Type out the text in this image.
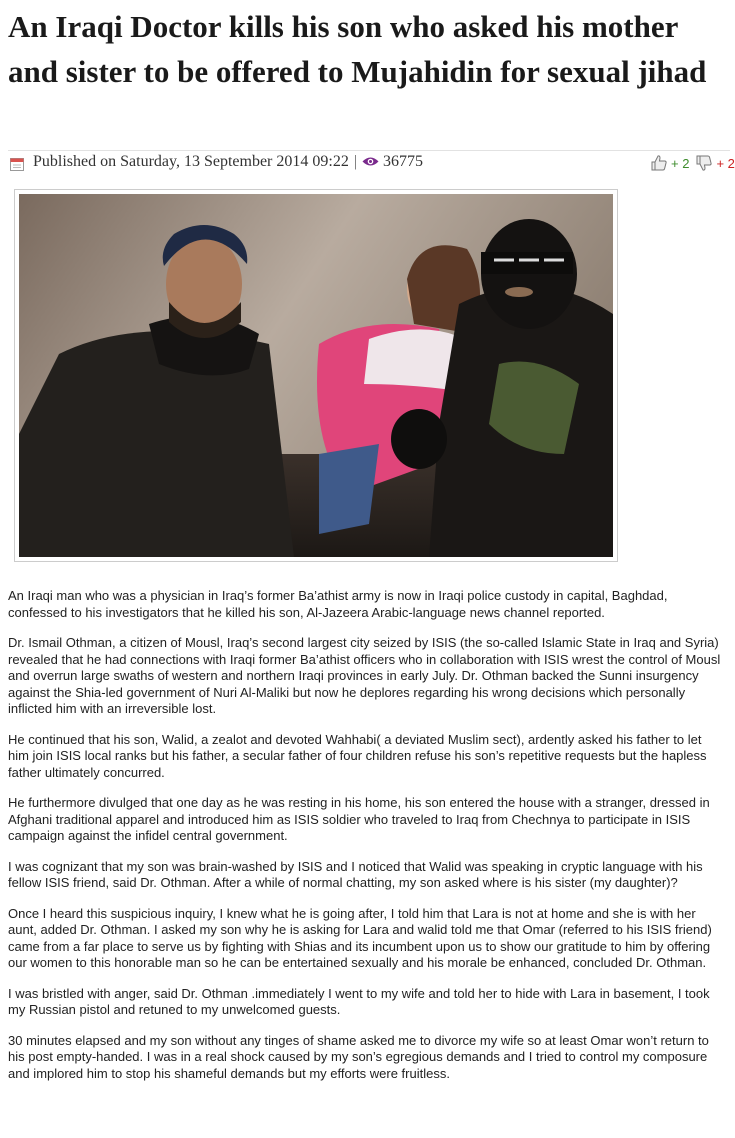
An Iraqi Doctor kills his son who asked his mother and sister to be offered to Mujahidin for sexual jihad
Published on Saturday, 13 September 2014 09:22 | 36775	+ 2 + 2

An Iraqi man who was a physician in Iraq’s former Ba’athist army is now in Iraqi police custody in capital, Baghdad, confessed to his investigators that he killed his son, Al-Jazeera Arabic-language news channel reported.

Dr. Ismail Othman, a citizen of Mousl, Iraq’s second largest city seized by ISIS (the so-called Islamic State in Iraq and Syria) revealed that he had connections with Iraqi former Ba’athist officers who in collaboration with ISIS wrest the control of Mousl and overrun large swaths of western and northern Iraqi provinces in early July. Dr. Othman backed the Sunni insurgency against the Shia-led government of Nuri Al-Maliki but now he deplores regarding his wrong decisions which personally inflicted him with an irreversible lost.

He continued that his son, Walid, a zealot and devoted Wahhabi( a deviated Muslim sect), ardently asked his father to let him join ISIS local ranks but his father, a secular father of four children refuse his son’s repetitive requests but the hapless father ultimately concurred.

He furthermore divulged that one day as he was resting in his home, his son entered the house with a stranger, dressed in Afghani traditional apparel and introduced him as ISIS soldier who traveled to Iraq from Chechnya to participate in ISIS campaign against the infidel central government.

I was cognizant that my son was brain-washed by ISIS and I noticed that Walid was speaking in cryptic language with his fellow ISIS friend, said Dr. Othman. After a while of normal chatting, my son asked where is his sister (my daughter)?

Once I heard this suspicious inquiry, I knew what he is going after, I told him that Lara is not at home and she is with her aunt, added Dr. Othman. I asked my son why he is asking for Lara and walid told me that Omar (referred to his ISIS friend) came from a far place to serve us by fighting with Shias and its incumbent upon us to show our gratitude to him by offering our women to this honorable man so he can be entertained sexually and his morale be enhanced, concluded Dr. Othman.

I was bristled with anger, said Dr. Othman .immediately I went to my wife and told her to hide with Lara in basement, I took my Russian pistol and retuned to my unwelcomed guests.

30 minutes elapsed and my son without any tinges of shame asked me to divorce my wife so at least Omar won’t return to his post empty-handed. I was in a real shock caused by my son’s egregious demands and I tried to control my composure and implored him to stop his shameful demands but my efforts were fruitless.
